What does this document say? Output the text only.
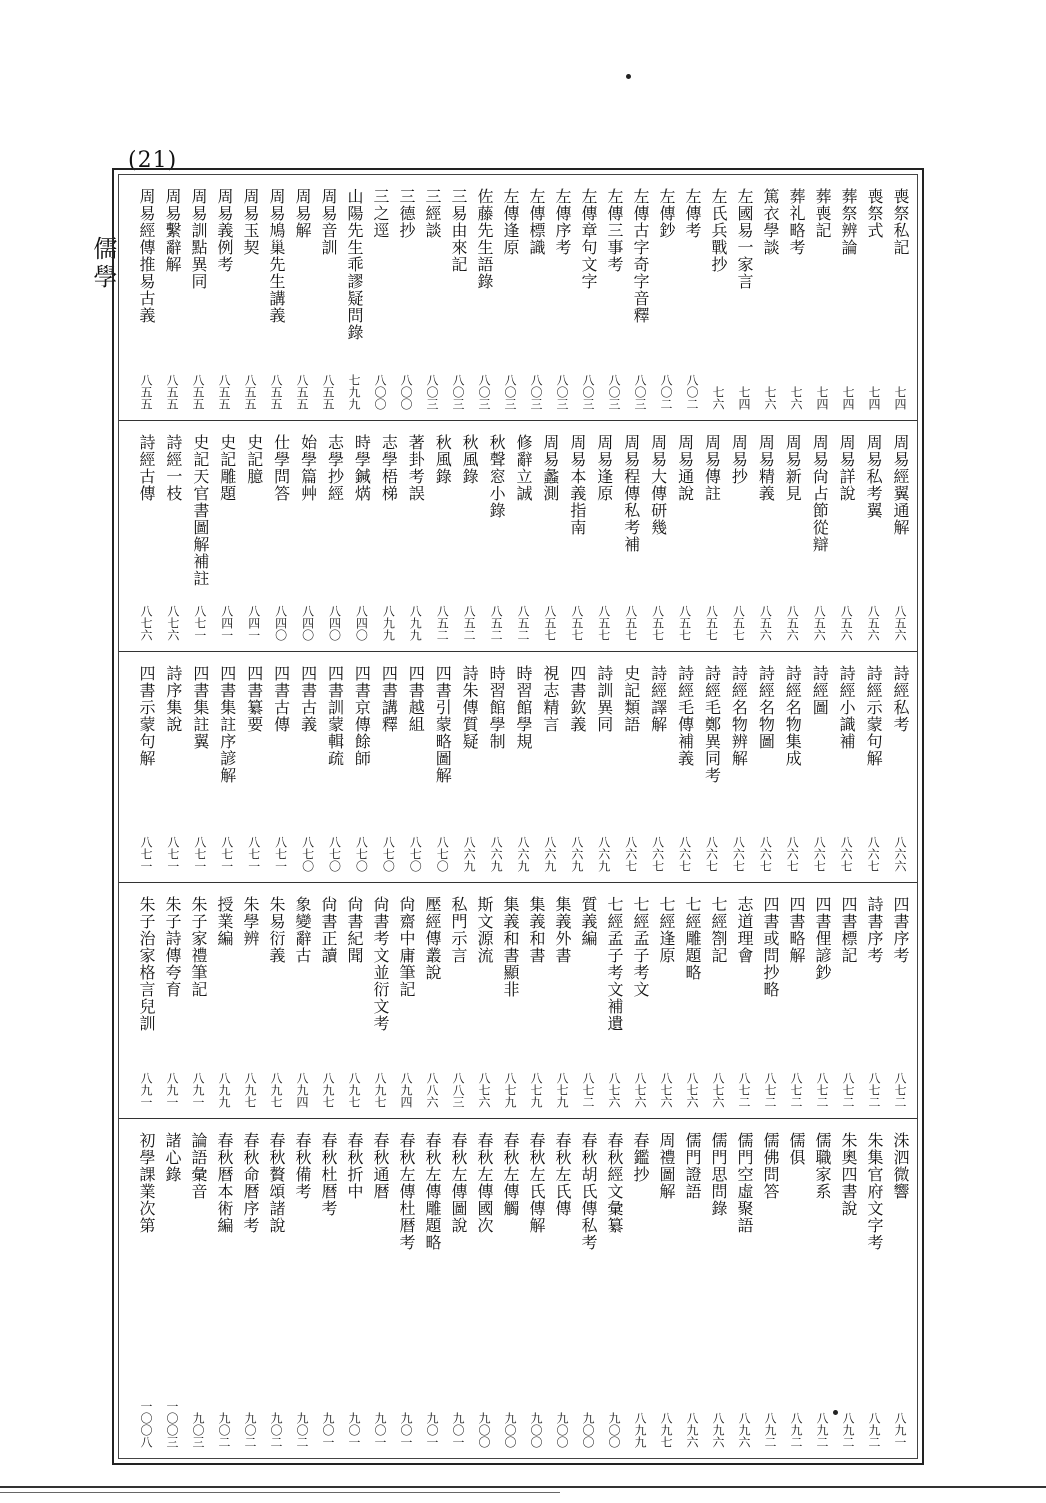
(21)
儒學
喪祭私記
七四
喪祭式
七四
葬祭辨論
七四
葬喪記
七四
葬礼略考
七六
篤衣學談
七六
左國易一家言
七四
左氏兵戰抄
七六
左傳考
八〇二
左傳鈔
八〇二
左傳古字奇字音釋
八〇三
左傳三事考
八〇三
左傳章句文字
八〇三
左傳序考
八〇三
左傳標識
八〇三
左傳逢原
八〇三
佐藤先生語錄
八〇三
三易由來記
八〇三
三經談
八〇三
三德抄
八〇〇
三之逕
八〇〇
山陽先生乖謬疑問錄
七九九
周易音訓
八五五
周易解
八五五
周易鳩巢先生講義
八五五
周易玉契
八五五
周易義例考
八五五
周易訓點異同
八五五
周易繫辭解
八五五
周易經傳推易古義
八五五
周易經翼通解
八五六
周易私考翼
八五六
周易詳說
八五六
周易尙占節從辯
八五六
周易新見
八五六
周易精義
八五六
周易抄
八五七
周易傳註
八五七
周易通說
八五七
周易大傳研幾
八五七
周易程傳私考補
八五七
周易逢原
八五七
周易本義指南
八五七
周易蠡測
八五七
修辭立誠
八五二
秋聲窓小錄
八五二
秋風錄
八五二
秋風錄
八五二
著卦考誤
八九九
志學梧梯
八九九
時學鍼焫
八四〇
志學抄經
八四〇
始學篇艸
八四〇
仕學問答
八四〇
史記臆
八四一
史記雕題
八四一
史記天官書圖解補註
八七一
詩經一枝
八七六
詩經古傳
八七六
詩經私考
八六六
詩經示蒙句解
八六七
詩經小識補
八六七
詩經圖
八六七
詩經名物集成
八六七
詩經名物圖
八六七
詩經名物辨解
八六七
詩經毛鄭異同考
八六七
詩經毛傳補義
八六七
詩經譯解
八六七
史記類語
八六七
詩訓異同
八六九
四書欽義
八六九
視志精言
八六九
時習館學規
八六九
時習館學制
八六九
詩朱傳質疑
八六九
四書引蒙略圖解
八七〇
四書越組
八七〇
四書講釋
八七〇
四書京傳餘師
八七〇
四書訓蒙輯疏
八七〇
四書古義
八七〇
四書古傳
八七一
四書纂要
八七一
四書集註序諺解
八七一
四書集註翼
八七一
詩序集說
八七一
四書示蒙句解
八七一
四書序考
八七二
詩書序考
八七二
四書標記
八七二
四書俚諺鈔
八七二
四書略解
八七二
四書或問抄略
八七二
志道理會
八七二
七經劄記
八七六
七經雕題略
八七六
七經逢原
八七六
七經孟子考文
八七六
七經孟子考文補遺
八七六
質義編
八七二
集義外書
八七九
集義和書
八七九
集義和書顯非
八七九
斯文源流
八七六
私門示言
八八三
壓經傳叢說
八八六
尙齋中庸筆記
八九四
尙書考文並衍文考
八九七
尙書紀聞
八九七
尙書正讀
八九七
象變辭古
八九四
朱易衍義
八九七
朱學辨
八九七
授業編
八九九
朱子家禮筆記
八九一
朱子詩傳夸育
八九一
朱子治家格言兒訓
八九一
洙泗微響
八九一
朱集官府文字考
八九二
朱奧四書說
八九二
儒職家系
八九二
儒俱
八九二
儒佛問答
八九二
儒門空虛聚語
八九六
儒門思問錄
八九六
儒門證語
八九六
周禮圖解
八九七
春鑑抄
八九九
春秋經文彙纂
九〇〇
春秋胡氏傳私考
九〇〇
春秋左氏傳
九〇〇
春秋左氏傳解
九〇〇
春秋左傳觸
九〇〇
春秋左傳國次
九〇〇
春秋左傳圖說
九〇一
春秋左傳雕題略
九〇一
春秋左傳杜暦考
九〇一
春秋通暦
九〇一
春秋折中
九〇一
春秋杜暦考
九〇一
春秋備考
九〇二
春秋贅頌諸說
九〇二
春秋命暦序考
九〇二
春秋暦本術編
九〇二
論語彙音
九〇三
諸心錄
一〇〇三
初學課業次第
一〇〇八
